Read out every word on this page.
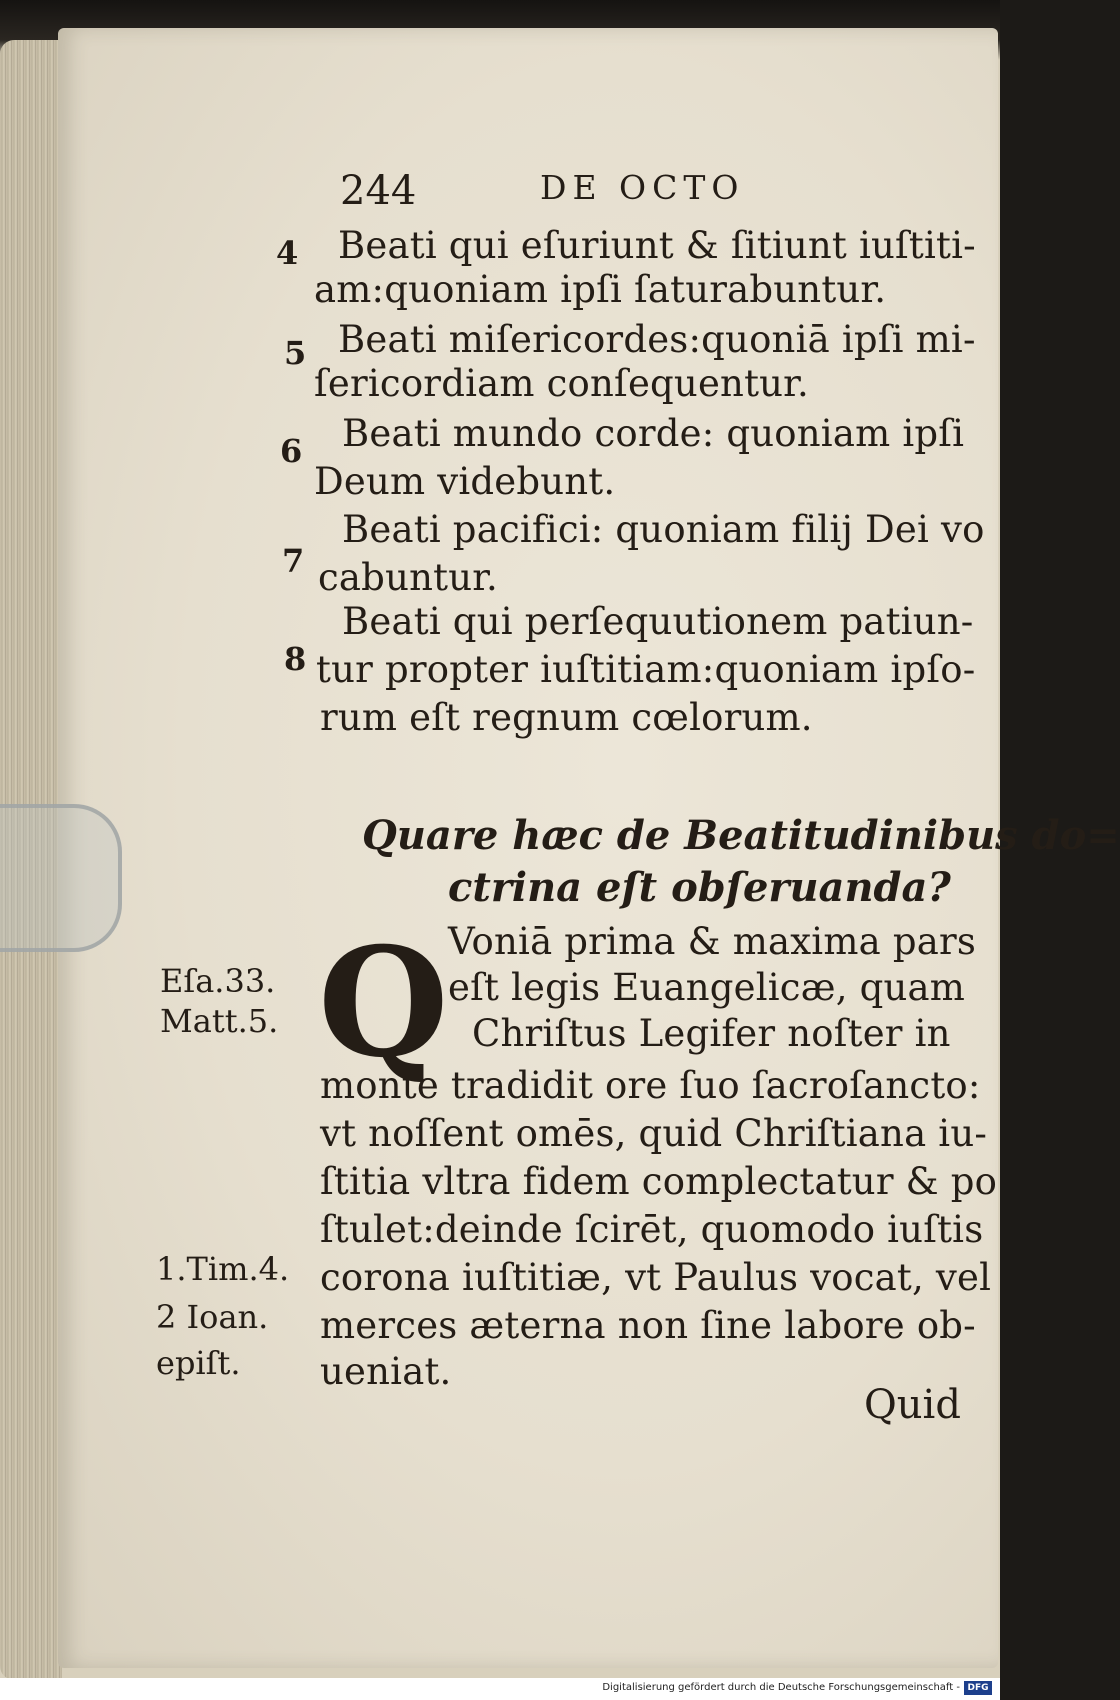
244	DE OCTO
4 Beati qui eſuriunt & ſitiunt iuſtiti-
am:quoniam ipſi ſaturabuntur.
5 Beati miſericordes:quoniā ipſi mi-
ſericordiam conſequentur.
6 Beati mundo corde: quoniam ipſi
Deum videbunt.
7
Beati pacifici: quoniam filij Dei vo
cabuntur.
8
Beati qui perſequutionem patiun-
tur propter iuſtitiam:quoniam ipſo-
rum eſt regnum cœlorum.
Quare hæc de Beatitudinibus do=
ctrina eſt obſeruanda?
Q Voniā prima & maxima pars
eſt legis Euangelicæ, quam
Chriſtus Legifer noſter in
monte tradidit ore ſuo ſacroſancto:
vt noſſent omēs, quid Chriſtiana iu-
ſtitia vltra fidem complectatur & po
ſtulet:deinde ſcirēt, quomodo iuſtis
corona iuſtitiæ, vt Paulus vocat, vel
merces æterna non ſine labore ob-
ueniat.
Eſa.33.
Matt.5.
1.Tim.4.
2 Ioan.
epiſt.
Quid
Digitalisierung gefördert durch die Deutsche Forschungsgemeinschaft - DFG
